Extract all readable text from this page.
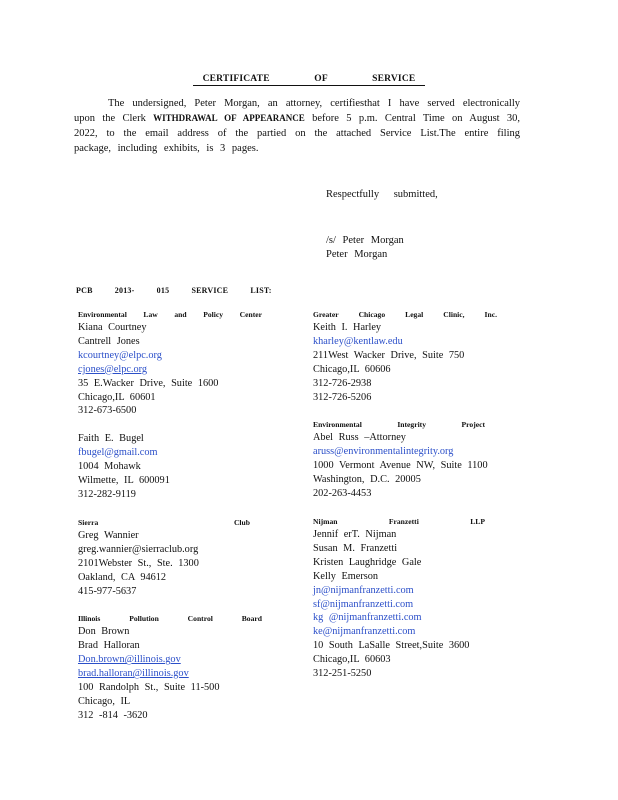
CERTIFICATE OF SERVICE
The undersigned, Peter Morgan, an attorney, certifiesthat I have served electronically upon the Clerk WITHDRAWAL OF APPEARANCE before 5 p.m. Central Time on August 30, 2022, to the email address of the partied on the attached Service List.The entire filing package, including exhibits, is 3 pages.
Respectfully submitted,
/s/ Peter Morgan
Peter Morgan
PCB 2013- 015 SERVICE LIST:
Environmental Law and Policy Center
Kiana Courtney
Cantrell Jones
kcourtney@elpc.org
cjones@elpc.org
35 E.Wacker Drive, Suite 1600
Chicago,IL 60601
312-673-6500
Faith E. Bugel
fbugel@gmail.com
1004 Mohawk
Wilmette, IL 600091
312-282-9119
Sierra	Club
Greg Wannier
greg.wannier@sierraclub.org
2101Webster St., Ste. 1300
Oakland, CA 94612
415-977-5637
Illinois	Pollution	Control	Board
Don Brown
Brad Halloran
Don.brown@illinois.gov
brad.halloran@illinois.gov
100 Randolph St., Suite 11-500
Chicago, IL
312 -814 -3620
Greater	Chicago	Legal	Clinic,	Inc.
Keith I. Harley
kharley@kentlaw.edu
211West Wacker Drive, Suite 750
Chicago,IL 60606
312-726-2938
312-726-5206
Environmental	Integrity	Project
Abel Russ –Attorney
aruss@environmentalintegrity.org
1000 Vermont Avenue NW, Suite 1100
Washington, D.C. 20005
202-263-4453
Nijman	Franzetti	LLP
Jennif erT. Nijman
Susan M. Franzetti
Kristen Laughridge Gale
Kelly Emerson
jn@nijmanfranzetti.com
sf@nijmanfranzetti.com
kg @nijmanfranzetti.com
ke@nijmanfranzetti.com
10 South LaSalle Street,Suite 3600
Chicago,IL 60603
312-251-5250
